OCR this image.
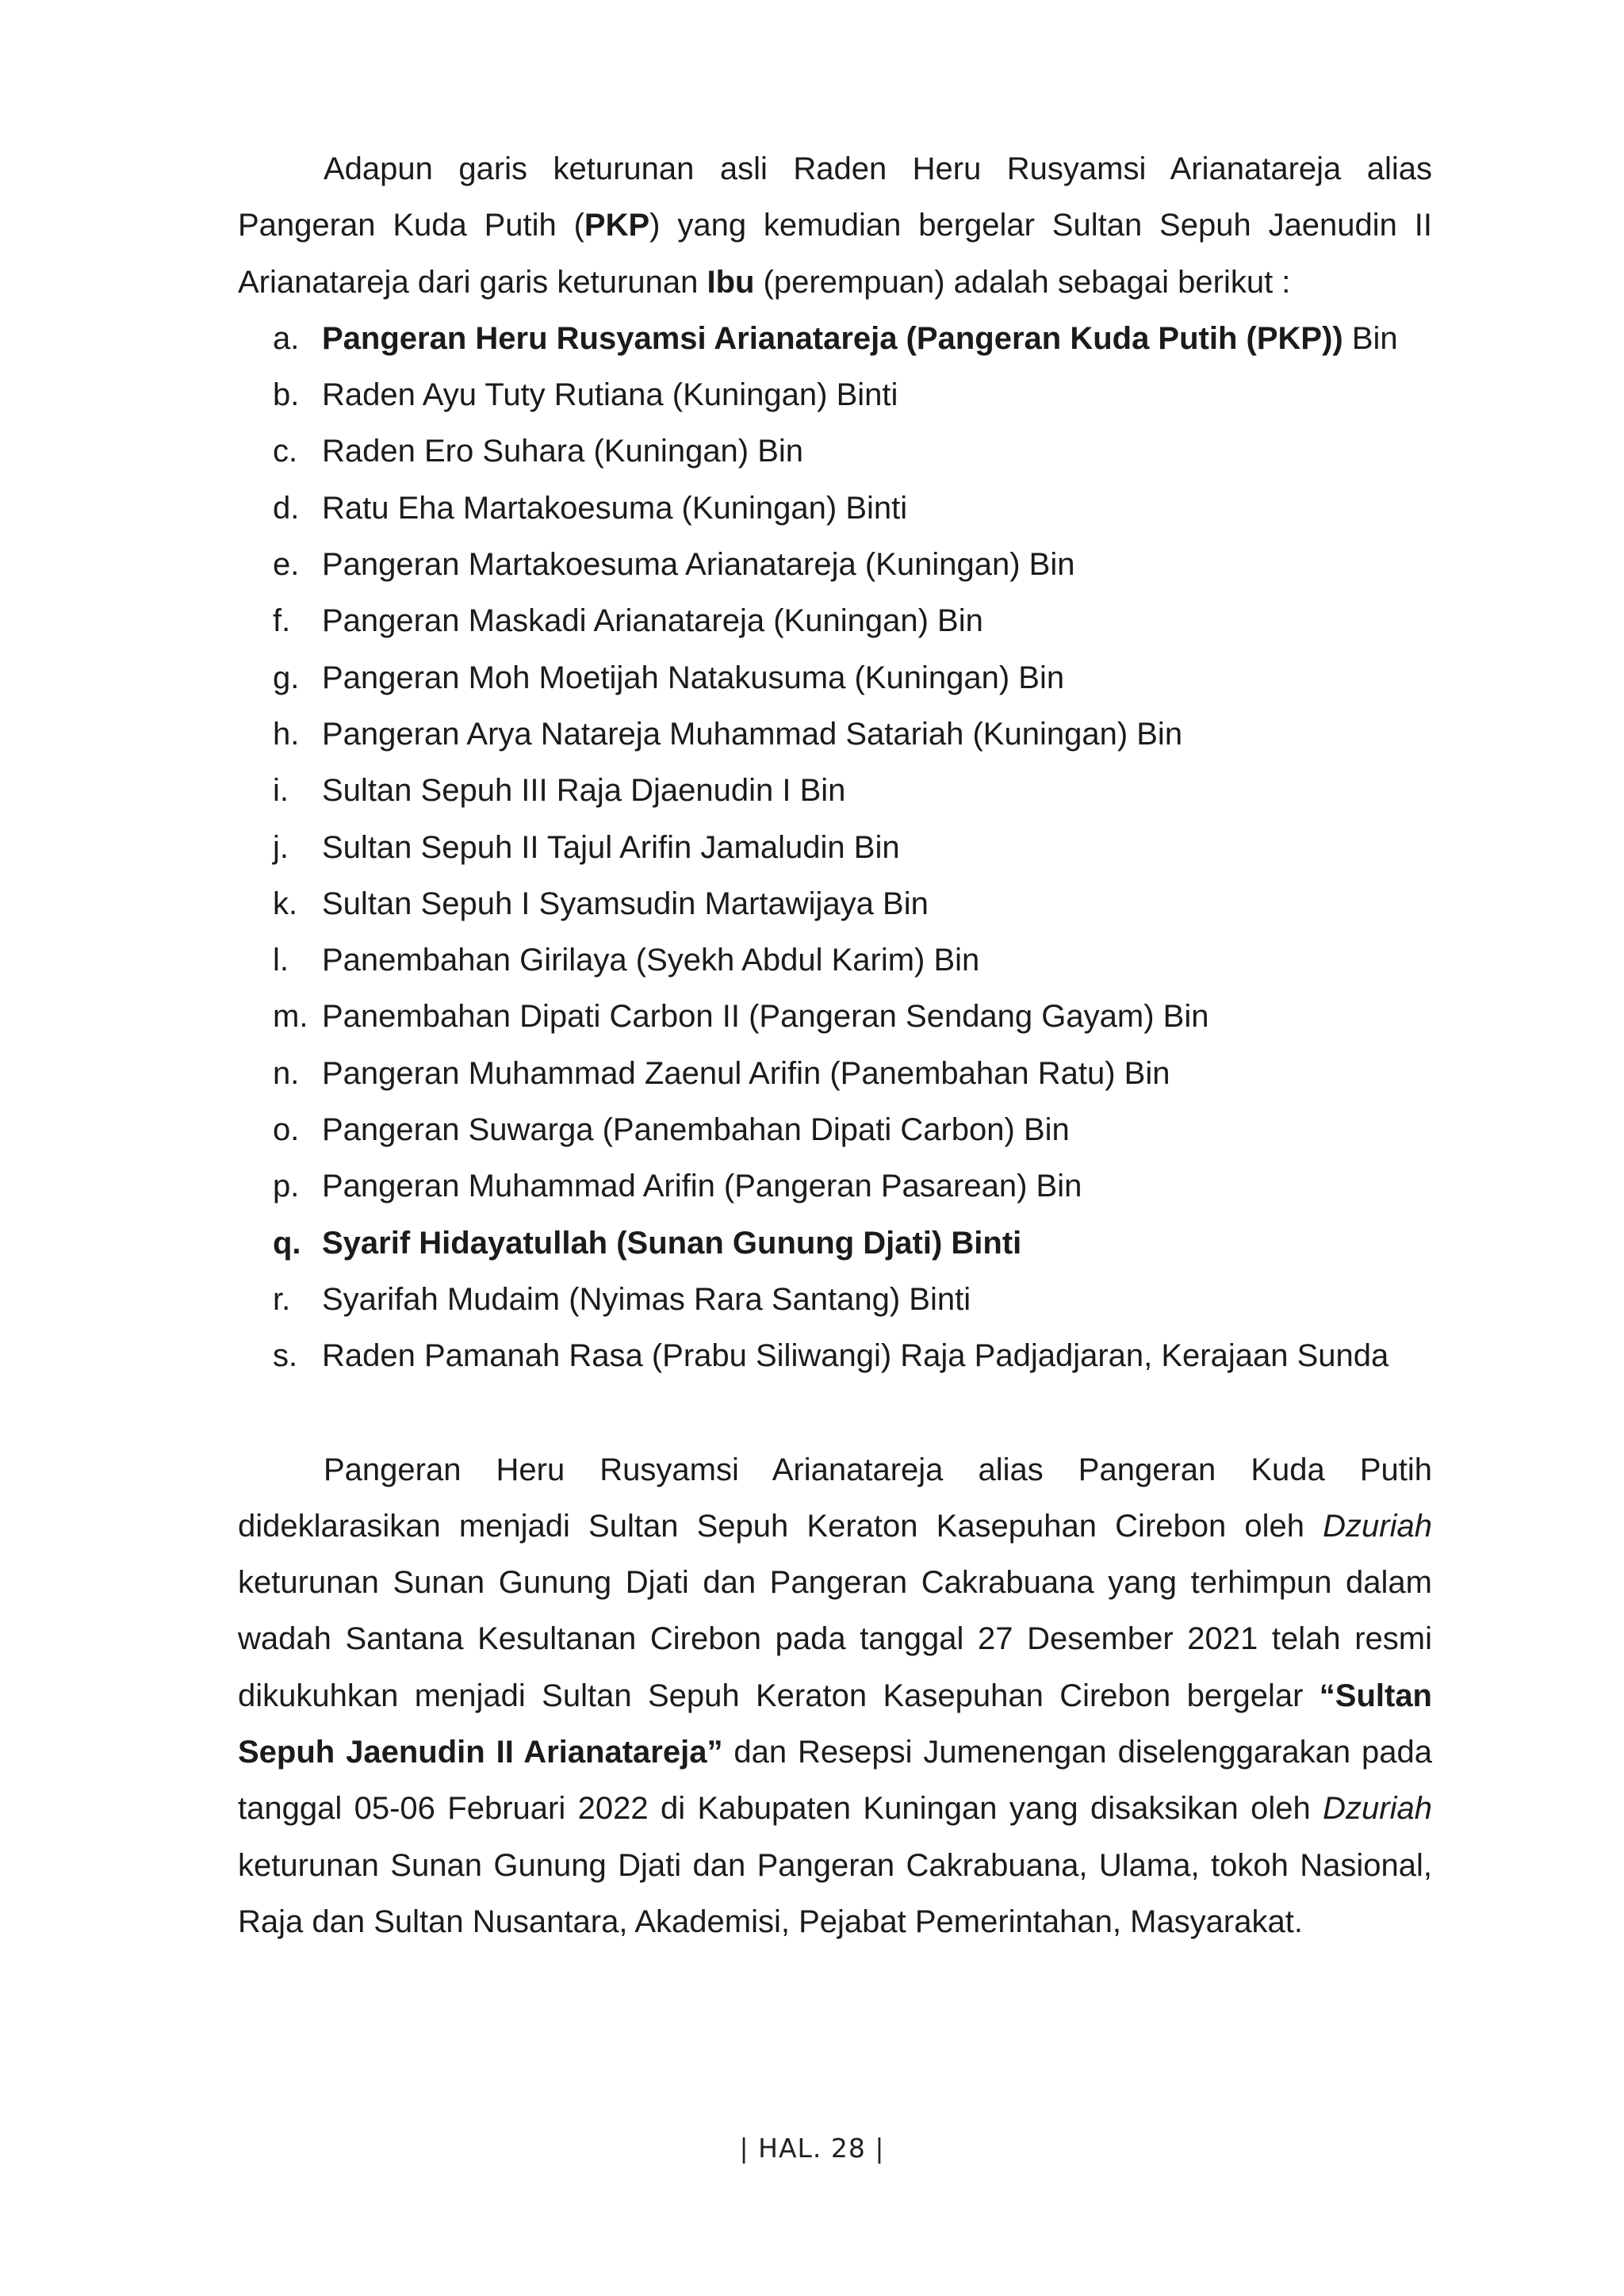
Adapun garis keturunan asli Raden Heru Rusyamsi Arianatareja alias Pangeran Kuda Putih (PKP) yang kemudian bergelar Sultan Sepuh Jaenudin II Arianatareja dari garis keturunan Ibu (perempuan) adalah sebagai berikut :

a. Pangeran Heru Rusyamsi Arianatareja (Pangeran Kuda Putih (PKP)) Bin
b. Raden Ayu Tuty Rutiana (Kuningan) Binti
c. Raden Ero Suhara (Kuningan) Bin
d. Ratu Eha Martakoesuma (Kuningan) Binti
e. Pangeran Martakoesuma Arianatareja (Kuningan) Bin
f. Pangeran Maskadi Arianatareja (Kuningan) Bin
g. Pangeran Moh Moetijah Natakusuma (Kuningan) Bin
h. Pangeran Arya Natareja Muhammad Satariah (Kuningan) Bin
i. Sultan Sepuh III Raja Djaenudin I Bin
j. Sultan Sepuh II Tajul Arifin Jamaludin Bin
k. Sultan Sepuh I Syamsudin Martawijaya Bin
l. Panembahan Girilaya (Syekh Abdul Karim) Bin
m. Panembahan Dipati Carbon II (Pangeran Sendang Gayam) Bin
n. Pangeran Muhammad Zaenul Arifin (Panembahan Ratu) Bin
o. Pangeran Suwarga (Panembahan Dipati Carbon) Bin
p. Pangeran Muhammad Arifin (Pangeran Pasarean) Bin
q. Syarif Hidayatullah (Sunan Gunung Djati) Binti
r. Syarifah Mudaim (Nyimas Rara Santang) Binti
s. Raden Pamanah Rasa (Prabu Siliwangi) Raja Padjadjaran, Kerajaan Sunda

Pangeran Heru Rusyamsi Arianatareja alias Pangeran Kuda Putih dideklarasikan menjadi Sultan Sepuh Keraton Kasepuhan Cirebon oleh Dzuriah keturunan Sunan Gunung Djati dan Pangeran Cakrabuana yang terhimpun dalam wadah Santana Kesultanan Cirebon pada tanggal 27 Desember 2021 telah resmi dikukuhkan menjadi Sultan Sepuh Keraton Kasepuhan Cirebon bergelar “Sultan Sepuh Jaenudin II Arianatareja” dan Resepsi Jumenengan diselenggarakan pada tanggal 05-06 Februari 2022 di Kabupaten Kuningan yang disaksikan oleh Dzuriah keturunan Sunan Gunung Djati dan Pangeran Cakrabuana, Ulama, tokoh Nasional, Raja dan Sultan Nusantara, Akademisi, Pejabat Pemerintahan, Masyarakat.

| HAL. 28 |
